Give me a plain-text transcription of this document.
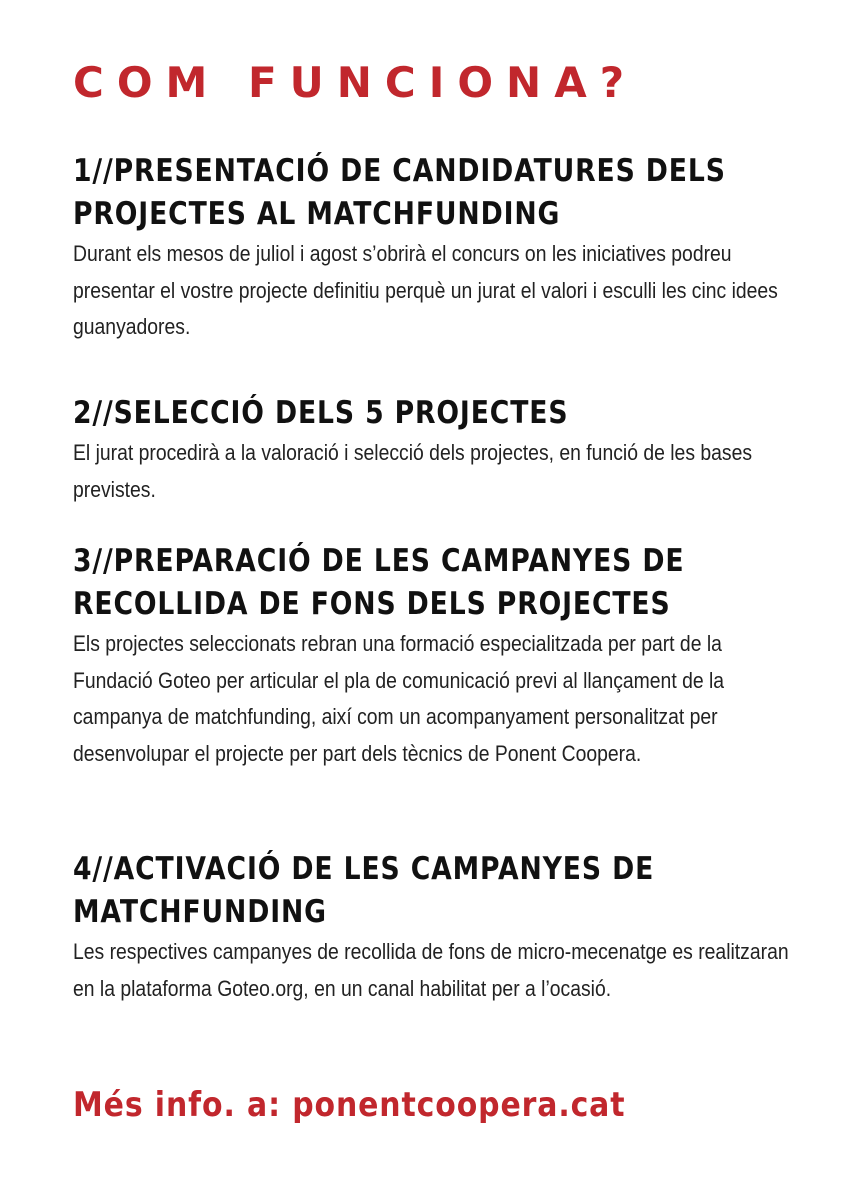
COM FUNCIONA?
1//PRESENTACIÓ DE CANDIDATURES DELS
PROJECTES AL MATCHFUNDING

Durant els mesos de juliol i agost s’obrirà el concurs on les iniciatives podreu presentar el vostre projecte definitiu perquè un jurat el valori i esculli les cinc idees guanyadores.

2//SELECCIÓ DELS 5 PROJECTES

El jurat procedirà a la valoració i selecció dels projectes, en funció de les bases previstes.

3//PREPARACIÓ DE LES CAMPANYES DE
RECOLLIDA DE FONS DELS PROJECTES

Els projectes seleccionats rebran una formació especialitzada per part de la Fundació Goteo per articular el pla de comunicació previ al llançament de la campanya de matchfunding, així com un acompanyament personalitzat per desenvolupar el projecte per part dels tècnics de Ponent Coopera.

4//ACTIVACIÓ DE LES CAMPANYES DE
MATCHFUNDING

Les respectives campanyes de recollida de fons de micro-mecenatge es realitzaran en la plataforma Goteo.org, en un canal habilitat per a l’ocasió.

Més info. a: ponentcoopera.cat
